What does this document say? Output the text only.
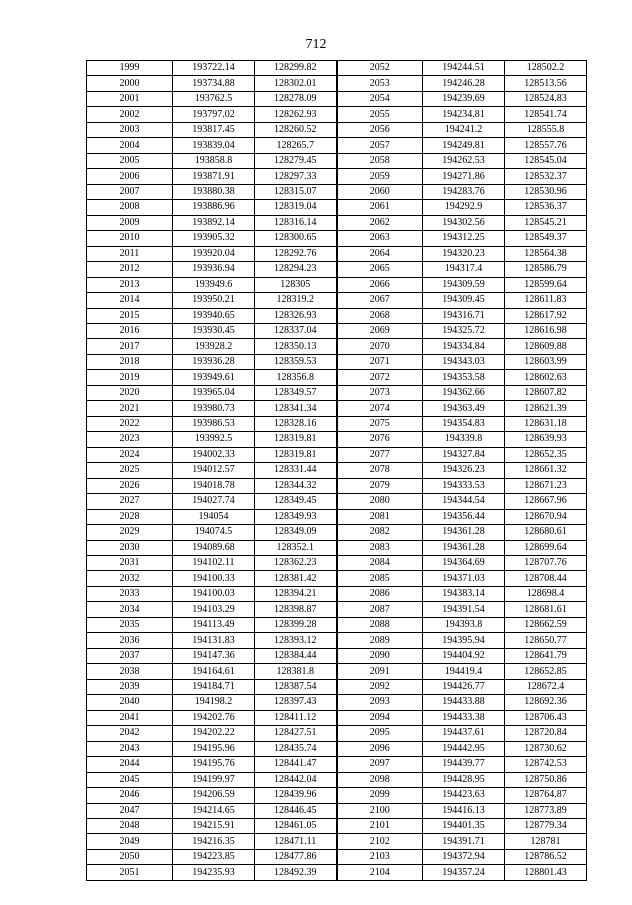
712
1999	193722.14	128299.82	2052	194244.51	128502.2
2000	193734.88	128302.01	2053	194246.28	128513.56
2001	193762.5	128278.09	2054	194239.69	128524.83
2002	193797.02	128262.93	2055	194234.81	128541.74
2003	193817.45	128260.52	2056	194241.2	128555.8
2004	193839.04	128265.7	2057	194249.81	128557.76
2005	193858.8	128279.45	2058	194262.53	128545.04
2006	193871.91	128297.33	2059	194271.86	128532.37
2007	193880.38	128315.07	2060	194283.76	128530.96
2008	193886.96	128319.04	2061	194292.9	128536.37
2009	193892.14	128316.14	2062	194302.56	128545.21
2010	193905.32	128300.65	2063	194312.25	128549.37
2011	193920.04	128292.76	2064	194320.23	128564.38
2012	193936.94	128294.23	2065	194317.4	128586.79
2013	193949.6	128305	2066	194309.59	128599.64
2014	193950.21	128319.2	2067	194309.45	128611.83
2015	193940.65	128326.93	2068	194316.71	128617.92
2016	193930.45	128337.04	2069	194325.72	128616.98
2017	193928.2	128350.13	2070	194334.84	128609.88
2018	193936.28	128359.53	2071	194343.03	128603.99
2019	193949.61	128356.8	2072	194353.58	128602.63
2020	193965.04	128349.57	2073	194362.66	128607.82
2021	193980.73	128341.34	2074	194363.49	128621.39
2022	193986.53	128328.16	2075	194354.83	128631.18
2023	193992.5	128319.81	2076	194339.8	128639.93
2024	194002.33	128319.81	2077	194327.84	128652.35
2025	194012.57	128331.44	2078	194326.23	128661.32
2026	194018.78	128344.32	2079	194333.53	128671.23
2027	194027.74	128349.45	2080	194344.54	128667.96
2028	194054	128349.93	2081	194356.44	128670.94
2029	194074.5	128349.09	2082	194361.28	128680.61
2030	194089.68	128352.1	2083	194361.28	128699.64
2031	194102.11	128362.23	2084	194364.69	128707.76
2032	194100.33	128381.42	2085	194371.03	128708.44
2033	194100.03	128394.21	2086	194383.14	128698.4
2034	194103.29	128398.87	2087	194391.54	128681.61
2035	194113.49	128399.28	2088	194393.8	128662.59
2036	194131.83	128393.12	2089	194395.94	128650.77
2037	194147.36	128384.44	2090	194404.92	128641.79
2038	194164.61	128381.8	2091	194419.4	128652.85
2039	194184.71	128387.54	2092	194426.77	128672.4
2040	194198.2	128397.43	2093	194433.88	128692.36
2041	194202.76	128411.12	2094	194433.38	128706.43
2042	194202.22	128427.51	2095	194437.61	128720.84
2043	194195.96	128435.74	2096	194442.95	128730.62
2044	194195.76	128441.47	2097	194439.77	128742.53
2045	194199.97	128442.04	2098	194428.95	128750.86
2046	194206.59	128439.96	2099	194423.63	128764.87
2047	194214.65	128446.45	2100	194416.13	128773.89
2048	194215.91	128461.05	2101	194401.35	128779.34
2049	194216.35	128471.11	2102	194391.71	128781
2050	194223.85	128477.86	2103	194372.94	128786.52
2051	194235.93	128492.39	2104	194357.24	128801.43
